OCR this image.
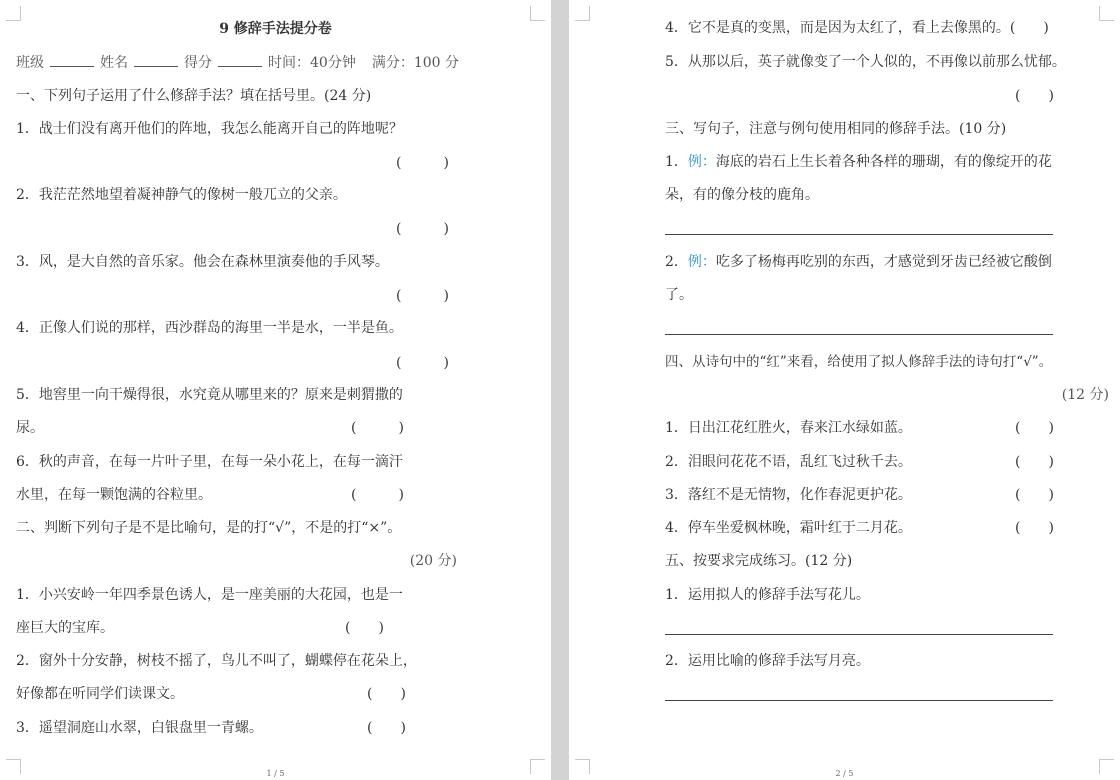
9 修辞手法提分卷
班级	姓名	得分	时间：40分钟 满分：100 分
一、下列句子运用了什么修辞手法？填在括号里。(24 分)
1．战士们没有离开他们的阵地，我怎么能离开自己的阵地呢？
(　　　)
2．我茫茫然地望着凝神静气的像树一般兀立的父亲。
(　　　)
3．风，是大自然的音乐家。他会在森林里演奏他的手风琴。
(　　　)
4．正像人们说的那样，西沙群岛的海里一半是水，一半是鱼。
(　　　)
5．地窖里一向干燥得很，水究竟从哪里来的？原来是刺猬撒的
尿。	(　　　)
6．秋的声音，在每一片叶子里，在每一朵小花上，在每一滴汗
水里，在每一颗饱满的谷粒里。	(　　　)
二、判断下列句子是不是比喻句，是的打“√”，不是的打“×”。
(20 分)
1．小兴安岭一年四季景色诱人，是一座美丽的大花园，也是一
座巨大的宝库。	(　　)
2．窗外十分安静，树枝不摇了，鸟儿不叫了，蝴蝶停在花朵上，
好像都在听同学们读课文。	(　　)
3．遥望洞庭山水翠，白银盘里一青螺。	(　　)
1 / 5
4．它不是真的变黑，而是因为太红了，看上去像黑的。(　　)
5．从那以后，英子就像变了一个人似的，不再像以前那么忧郁。
(　　)
三、写句子，注意与例句使用相同的修辞手法。(10 分)
1．例：海底的岩石上生长着各种各样的珊瑚，有的像绽开的花
朵，有的像分枝的鹿角。
2．例：吃多了杨梅再吃别的东西，才感觉到牙齿已经被它酸倒
了。
四、从诗句中的“红”来看，给使用了拟人修辞手法的诗句打“√”。
(12 分)
1．日出江花红胜火，春来江水绿如蓝。	(　　)
2．泪眼问花花不语，乱红飞过秋千去。	(　　)
3．落红不是无情物，化作春泥更护花。	(　　)
4．停车坐爱枫林晚，霜叶红于二月花。	(　　)
五、按要求完成练习。(12 分)
1．运用拟人的修辞手法写花儿。
2．运用比喻的修辞手法写月亮。
2 / 5
